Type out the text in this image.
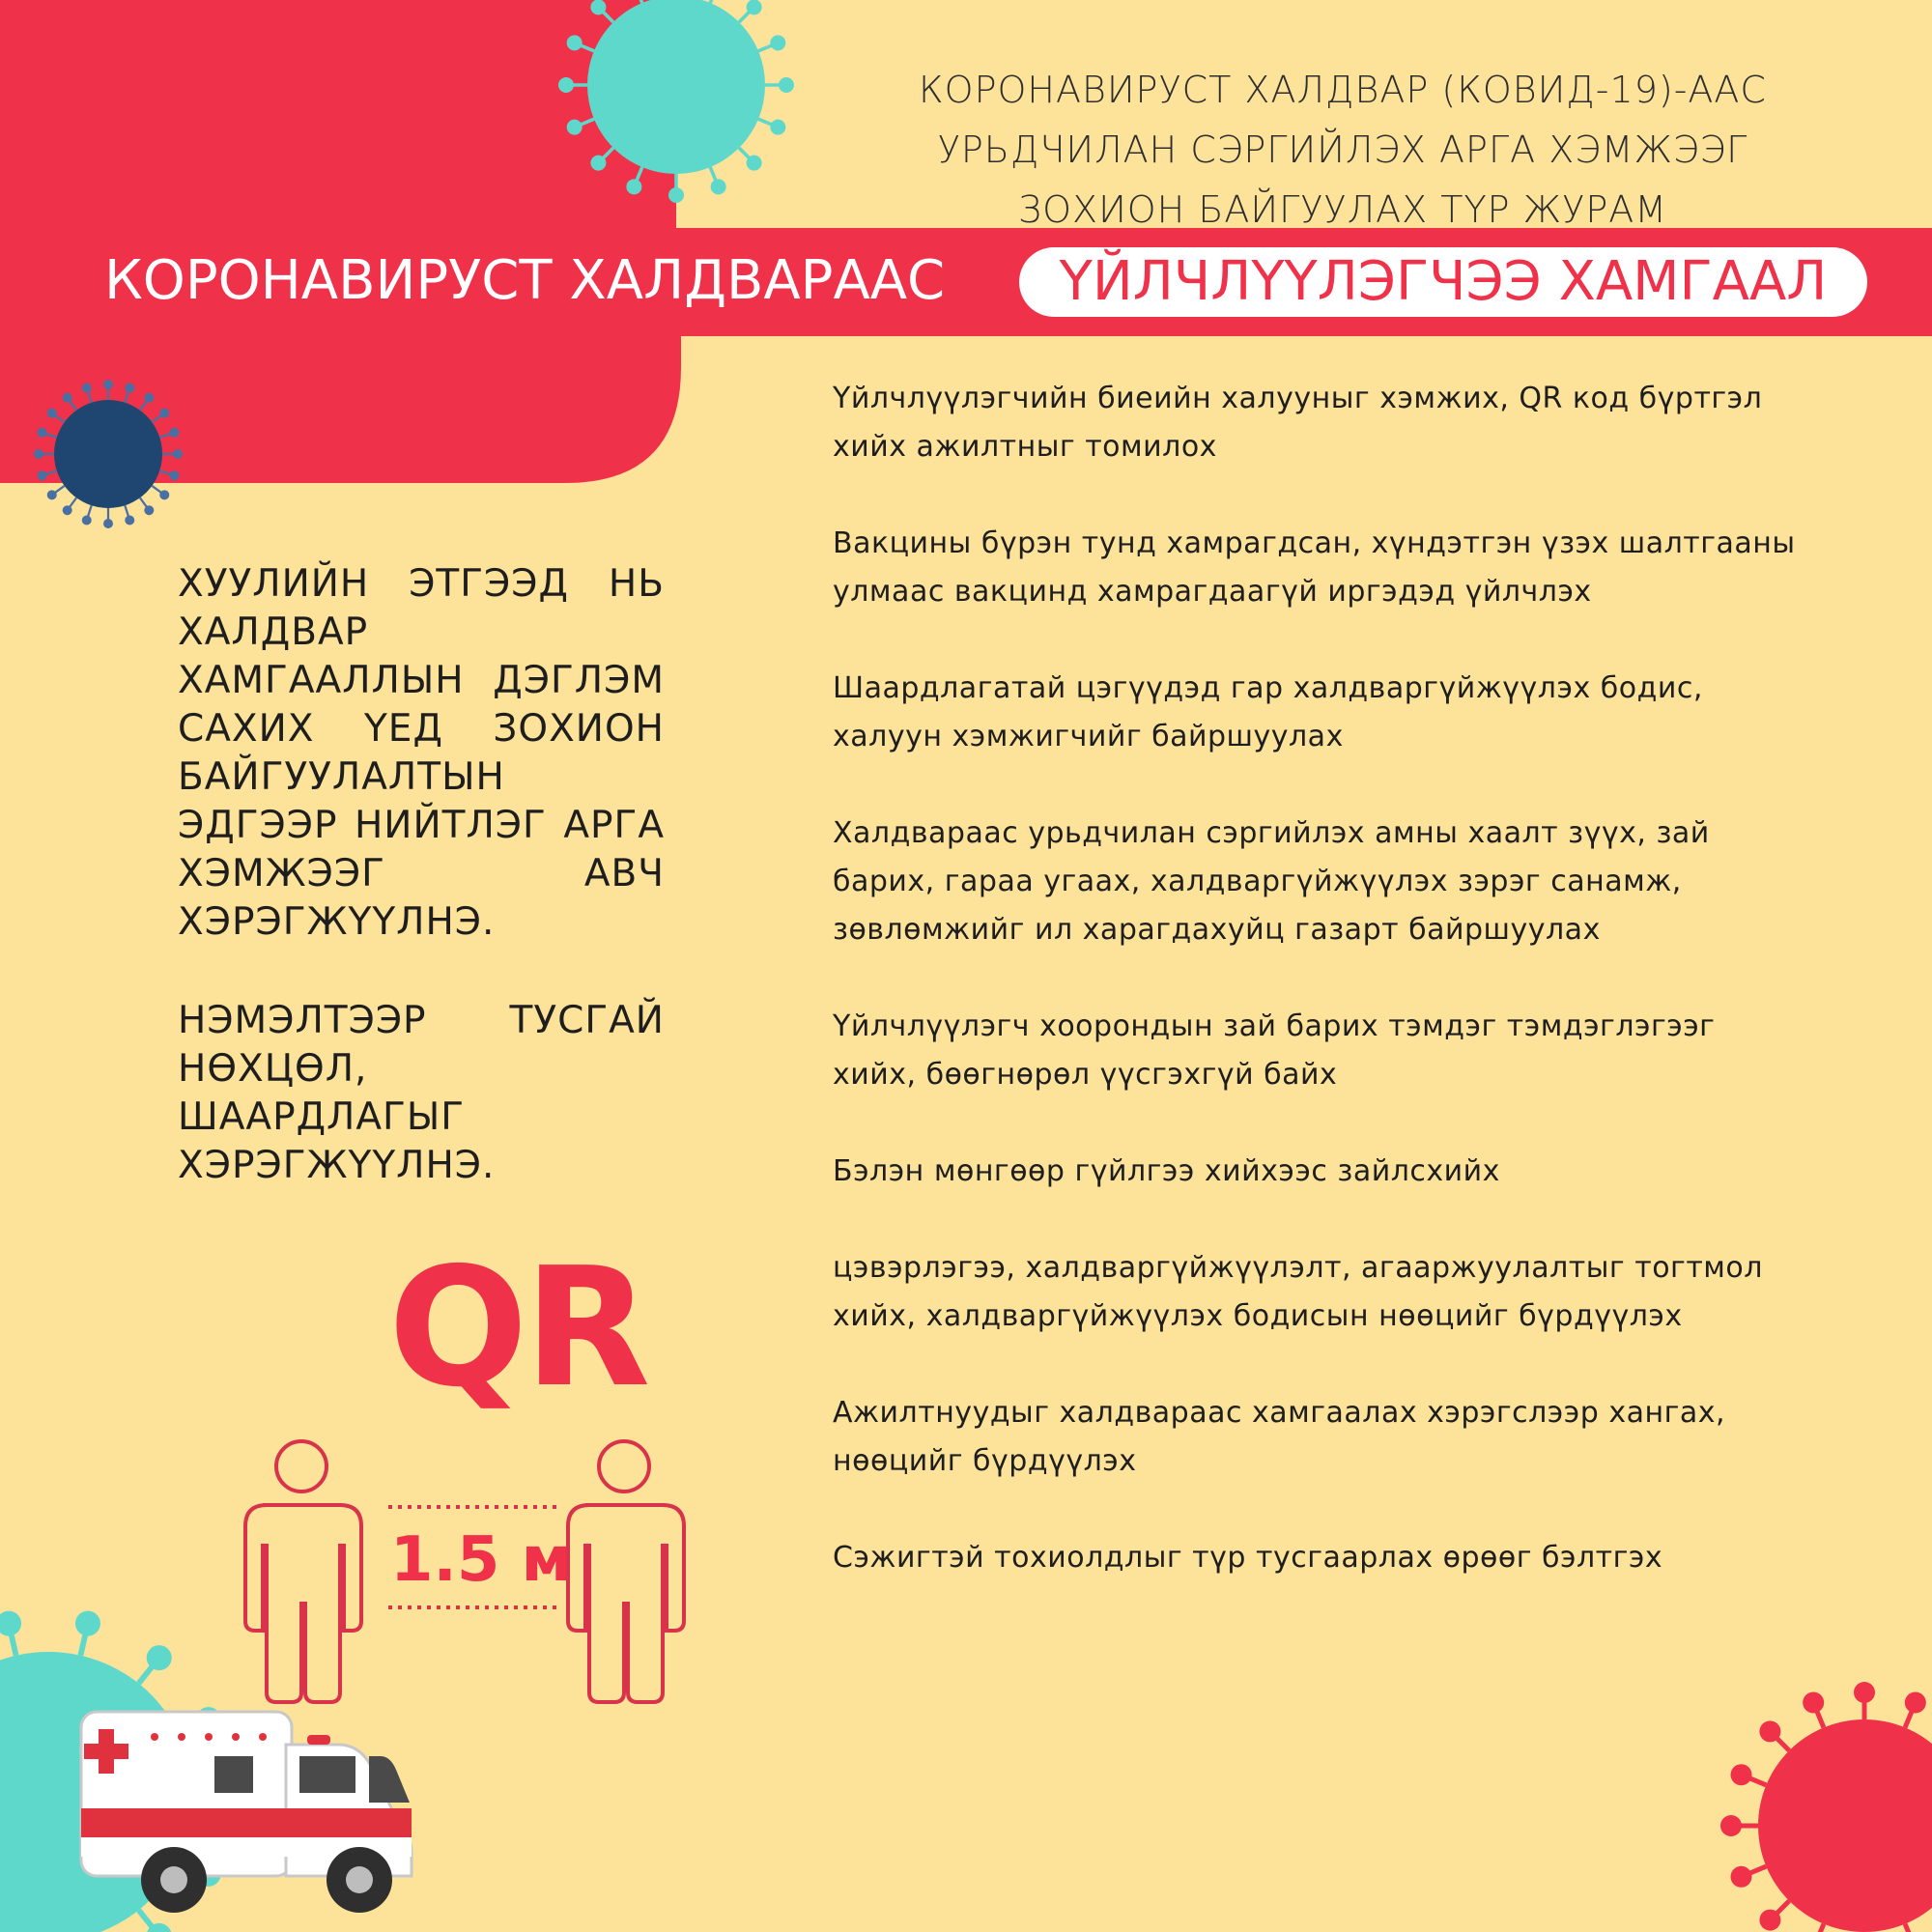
КОРОНАВИРУСТ ХАЛДВАР (КОВИД-19)-ААС
УРЬДЧИЛАН СЭРГИЙЛЭХ АРГА ХЭМЖЭЭГ
ЗОХИОН БАЙГУУЛАХ ТҮР ЖУРАМ
КОРОНАВИРУСТ ХАЛДВАРААС	ҮЙЛЧЛҮҮЛЭГЧЭЭ ХАМГААЛ

ХУУЛИЙН ЭТГЭЭД НЬ ХАЛДВАР ХАМГААЛЛЫН ДЭГЛЭМ САХИХ ҮЕД ЗОХИОН БАЙГУУЛАЛТЫН ЭДГЭЭР НИЙТЛЭГ АРГА ХЭМЖЭЭГ АВЧ ХЭРЭГЖҮҮЛНЭ.

НЭМЭЛТЭЭР ТУСГАЙ НӨХЦӨЛ, ШААРДЛАГЫГ ХЭРЭГЖҮҮЛНЭ.

QR
1.5 м
Үйлчлүүлэгчийн биеийн халууныг хэмжих, QR код бүртгэл
хийх ажилтныг томилох
Вакцины бүрэн тунд хамрагдсан, хүндэтгэн үзэх шалтгааны
улмаас вакцинд хамрагдаагүй иргэдэд үйлчлэх
Шаардлагатай цэгүүдэд гар халдваргүйжүүлэх бодис,
халуун хэмжигчийг байршуулах
Халдвараас урьдчилан сэргийлэх амны хаалт зүүх, зай
барих, гараа угаах, халдваргүйжүүлэх зэрэг санамж,
зөвлөмжийг ил харагдахуйц газарт байршуулах
Үйлчлүүлэгч хоорондын зай барих тэмдэг тэмдэглэгээг
хийх, бөөгнөрөл үүсгэхгүй байх
Бэлэн мөнгөөр гүйлгээ хийхээс зайлсхийх
цэвэрлэгээ, халдваргүйжүүлэлт, агааржуулалтыг тогтмол
хийх, халдваргүйжүүлэх бодисын нөөцийг бүрдүүлэх
Ажилтнуудыг халдвараас хамгаалах хэрэгслээр хангах,
нөөцийг бүрдүүлэх
Сэжигтэй тохиолдлыг түр тусгаарлах өрөөг бэлтгэх
